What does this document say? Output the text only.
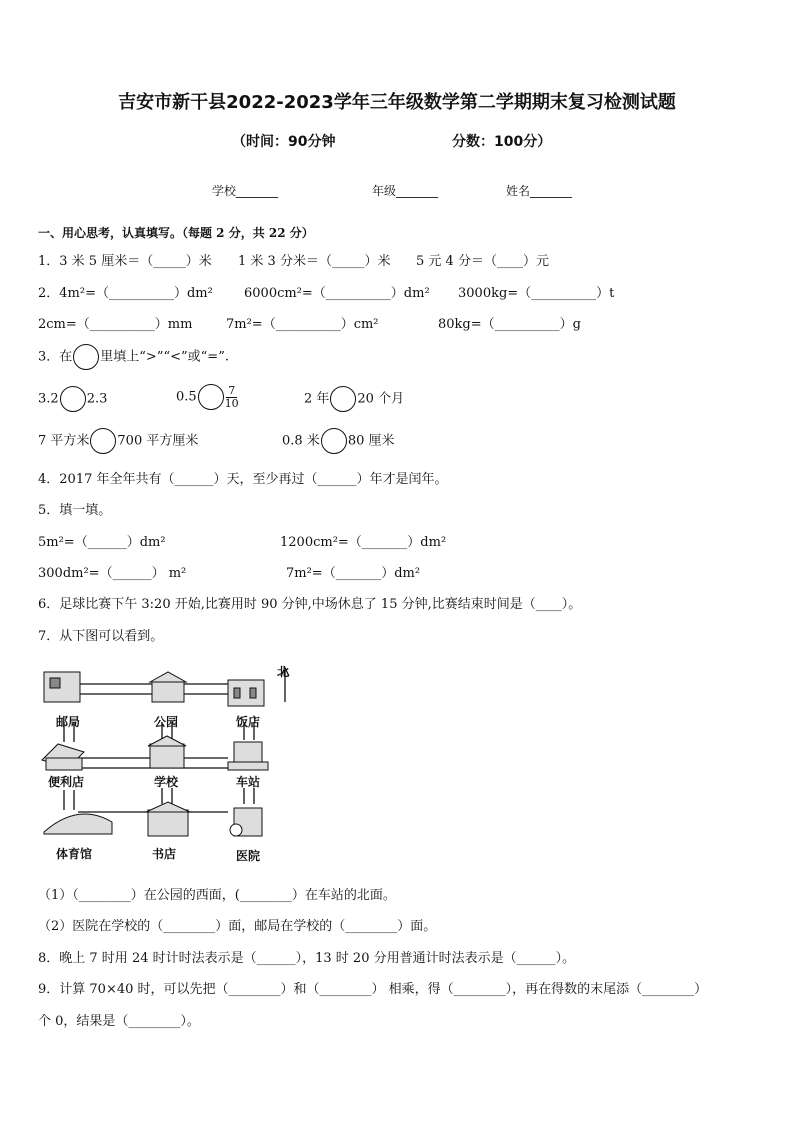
吉安市新干县2022-2023学年三年级数学第二学期期末复习检测试题
（时间：90分钟	分数：100分）
学校_______	年级_______	姓名_______
一、用心思考，认真填写。（每题 2 分，共 22 分）
1．3 米 5 厘米＝（_____）米 1 米 3 分米＝（_____）米 5 元 4 分＝（____）元
2．4m²=（__________）dm² 6000cm²=（__________）dm² 3000kg=（__________）t
2cm=（__________）mm	7m²=（__________）cm²	80kg=（__________）g
3．在 里填上“>”“<”或“=”.
3.2 2.3	0.5	$\frac{7}{10}$	2 年 20 个月
7 平方米 700 平方厘米	0.8 米 80 厘米
4．2017 年全年共有（______）天，至少再过（______）年才是闰年。
5．填一填。
5m²=（______）dm²	1200cm²=（_______）dm²
300dm²=（______） m²	7m²=（_______）dm²
6．足球比赛下午 3:20 开始,比赛用时 90 分钟,中场休息了 15 分钟,比赛结束时间是（____）。
7．从下图可以看到。
北
邮局	公园	饭店
便利店	学校	车站
体育馆	书店	医院
（1）（________）在公园的西面，(________）在车站的北面。
（2）医院在学校的（________）面，邮局在学校的（________）面。
8．晚上 7 时用 24 时计时法表示是（______），13 时 20 分用普通计时法表示是（______）。
9．计算 70×40 时，可以先把（________）和（________） 相乘，得（________），再在得数的末尾添（________）
个 0，结果是（________）。
